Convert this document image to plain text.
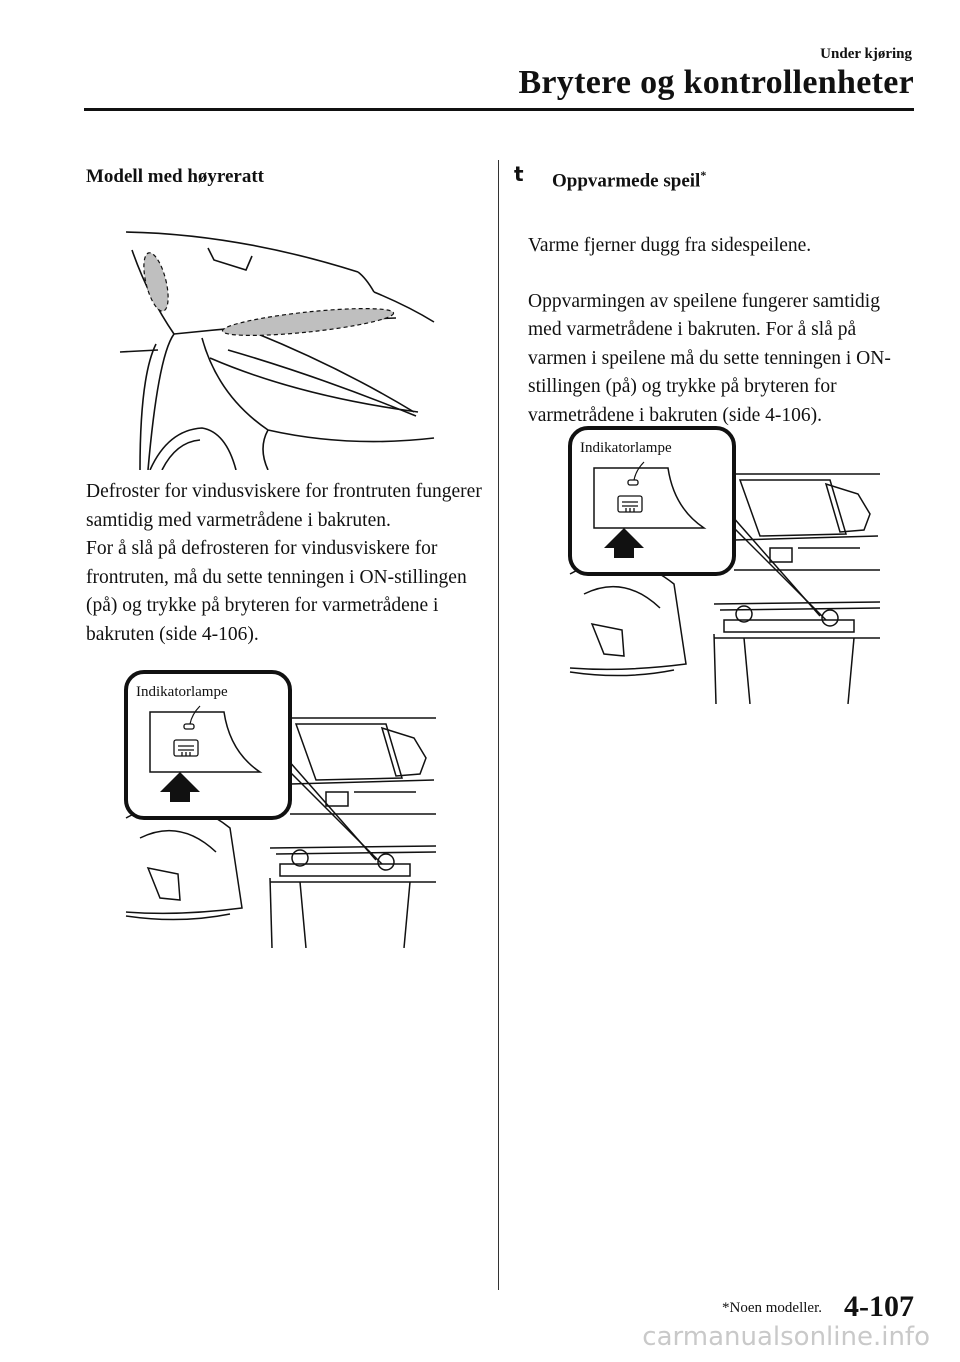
Under kjøring
Brytere og kontrollenheter
Modell med høyreratt

Defroster for vindusviskere for frontruten fungerer samtidig med varmetrådene i bakruten.

For å slå på defrosteren for vindusviskere for frontruten, må du sette tenningen i ON-stillingen (på) og trykke på bryteren for varmetrådene i bakruten (side 4-106).

Indikatorlampe
t Oppvarmede speil*

Varme fjerner dugg fra sidespeilene.

Oppvarmingen av speilene fungerer samtidig med varmetrådene i bakruten. For å slå på varmen i speilene må du sette tenningen i ON-stillingen (på) og trykke på bryteren for varmetrådene i bakruten (side 4-106).

Indikatorlampe
*Noen modeller. 4-107
carmanualsonline.info
